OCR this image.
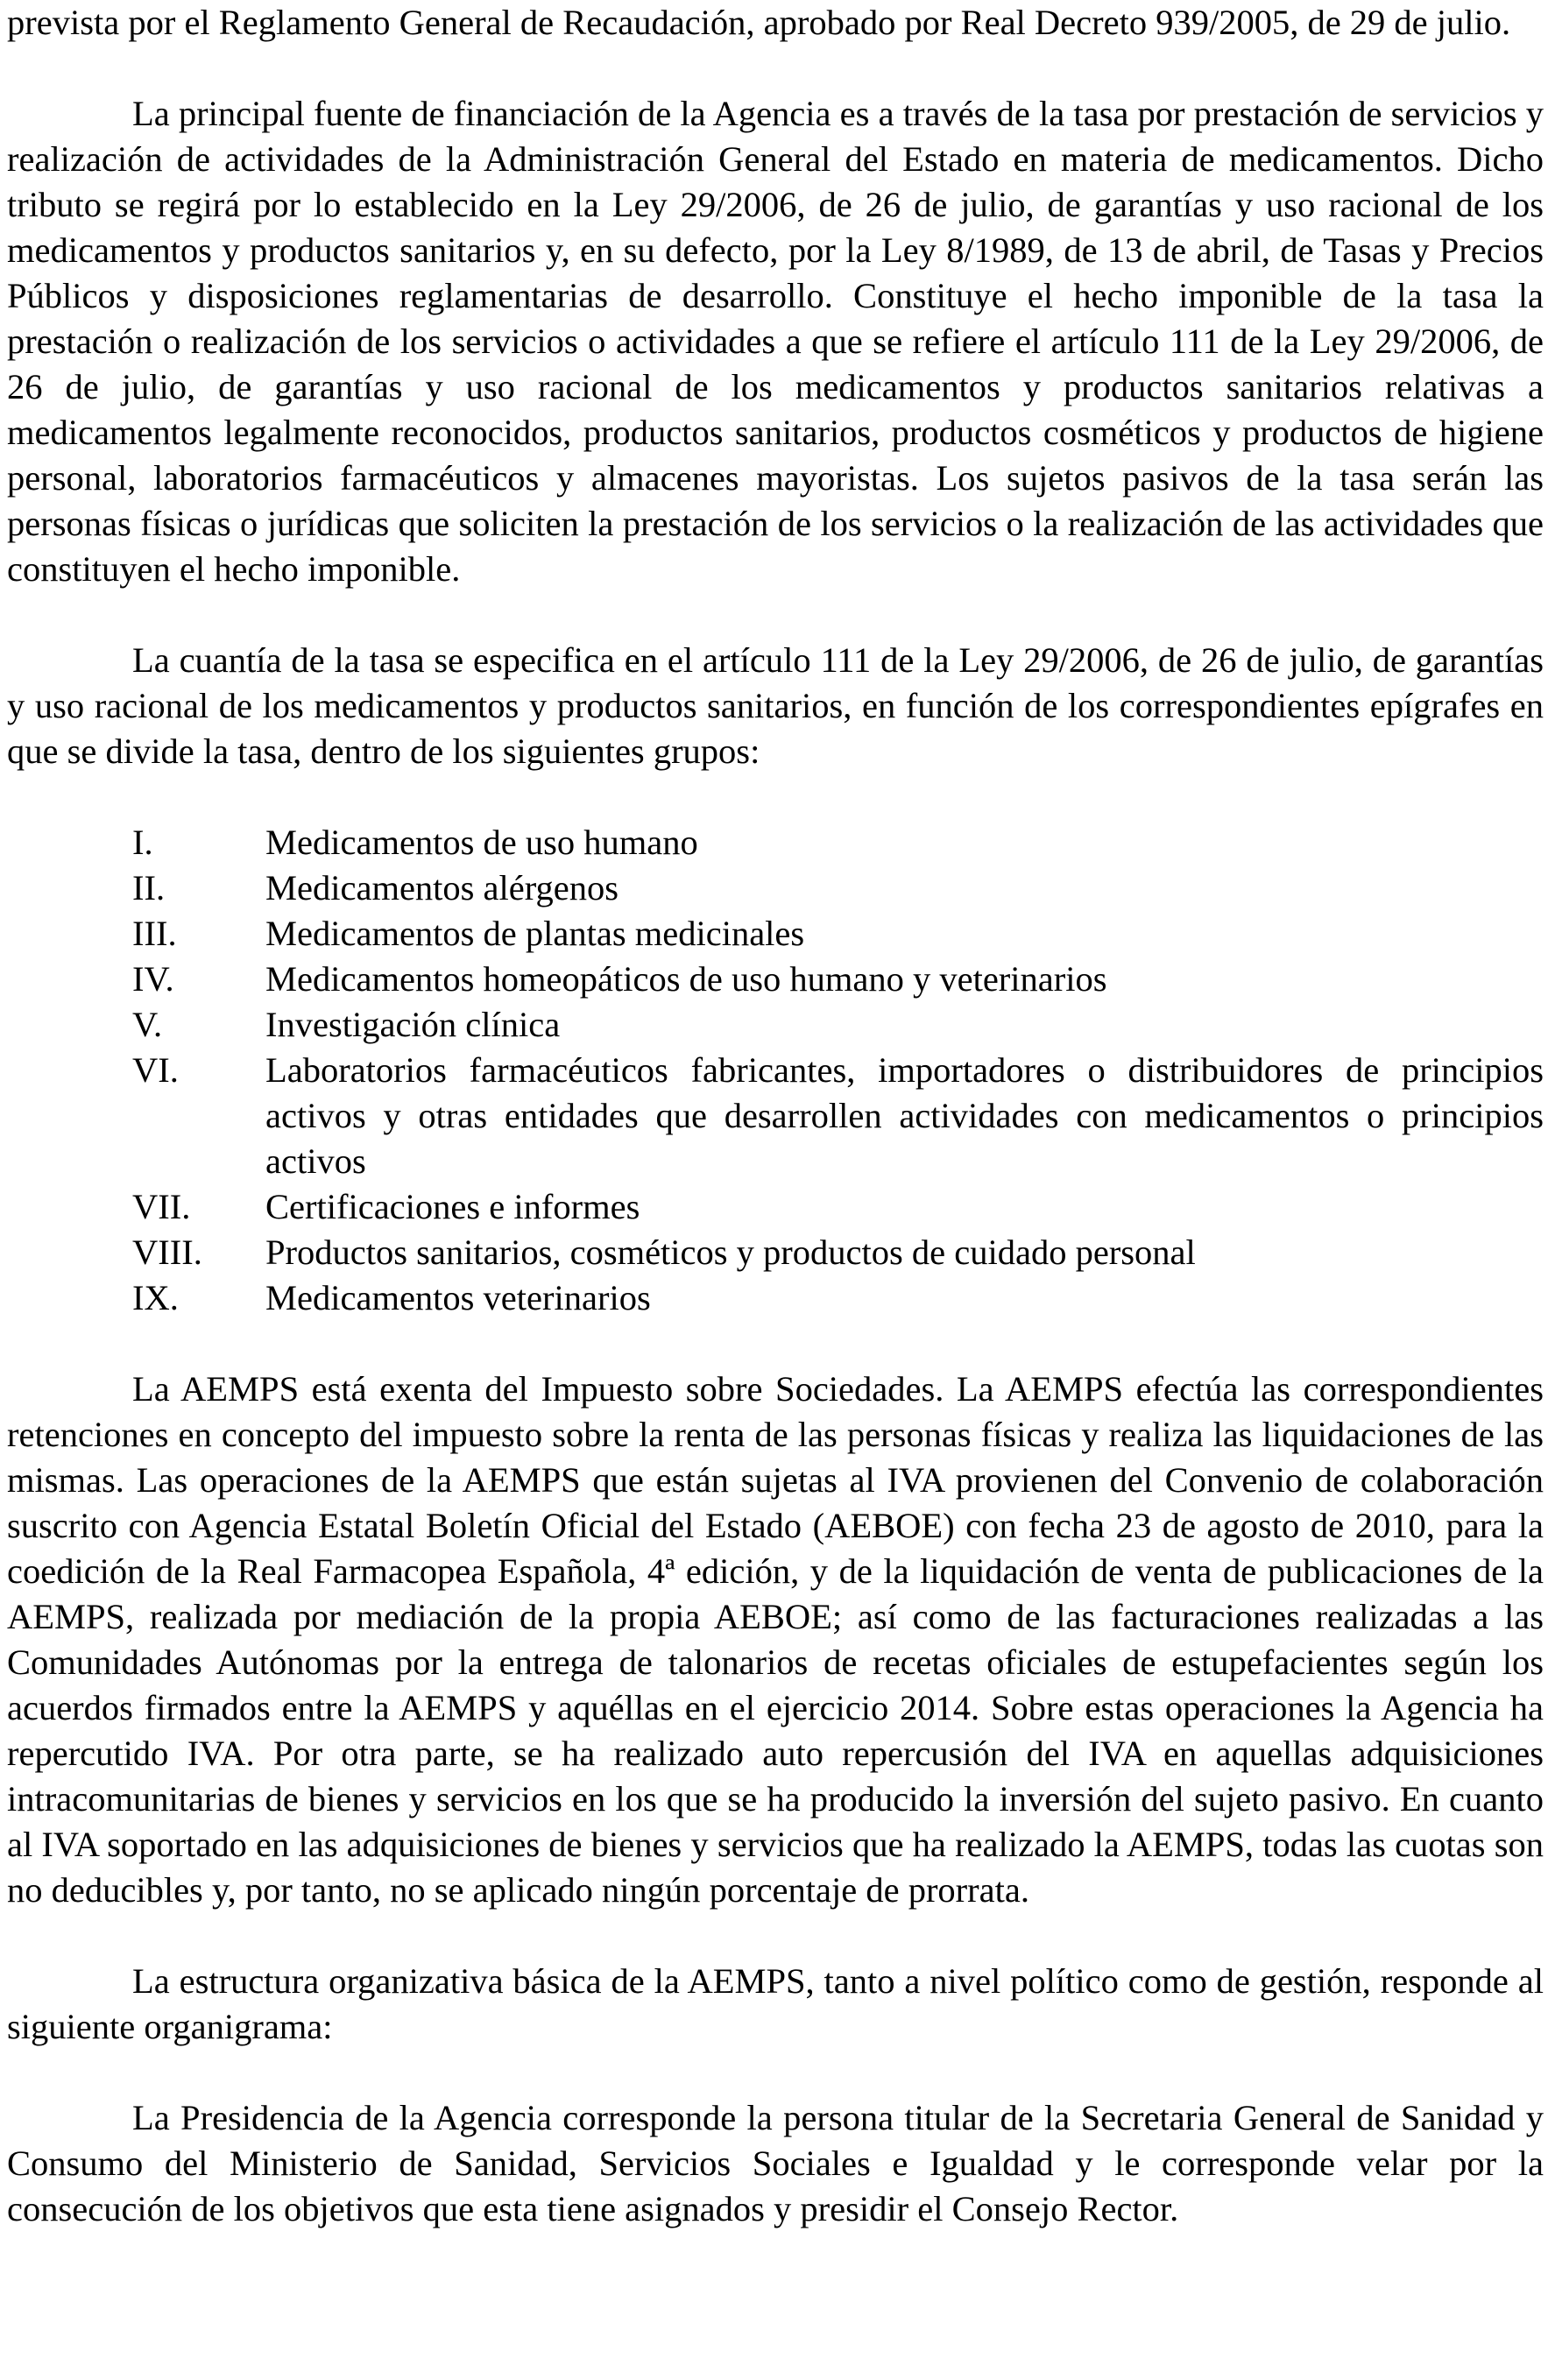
prevista por el Reglamento General de Recaudación, aprobado por Real Decreto 939/2005, de 29 de julio.

La principal fuente de financiación de la Agencia es a través de la tasa por prestación de servicios y realización de actividades de la Administración General del Estado en materia de medicamentos. Dicho tributo se regirá por lo establecido en la Ley 29/2006, de 26 de julio, de garantías y uso racional de los medicamentos y productos sanitarios y, en su defecto, por la Ley 8/1989, de 13 de abril, de Tasas y Precios Públicos y disposiciones reglamentarias de desarrollo. Constituye el hecho imponible de la tasa la prestación o realización de los servicios o actividades a que se refiere el artículo 111 de la Ley 29/2006, de 26 de julio, de garantías y uso racional de los medicamentos y productos sanitarios relativas a medicamentos legalmente reconocidos, productos sanitarios, productos cosméticos y productos de higiene personal, laboratorios farmacéuticos y almacenes mayoristas. Los sujetos pasivos de la tasa serán las personas físicas o jurídicas que soliciten la prestación de los servicios o la realización de las actividades que constituyen el hecho imponible.

La cuantía de la tasa se especifica en el artículo 111 de la Ley 29/2006, de 26 de julio, de garantías y uso racional de los medicamentos y productos sanitarios, en función de los correspondientes epígrafes en que se divide la tasa, dentro de los siguientes grupos:

I.	Medicamentos de uso humano
II.	Medicamentos alérgenos
III.	Medicamentos de plantas medicinales
IV.	Medicamentos homeopáticos de uso humano y veterinarios
V.	Investigación clínica
VI.	Laboratorios farmacéuticos fabricantes, importadores o distribuidores de principios activos y otras entidades que desarrollen actividades con medicamentos o principios activos
VII.	Certificaciones e informes
VIII.	Productos sanitarios, cosméticos y productos de cuidado personal
IX.	Medicamentos veterinarios

La AEMPS está exenta del Impuesto sobre Sociedades. La AEMPS efectúa las correspondientes retenciones en concepto del impuesto sobre la renta de las personas físicas y realiza las liquidaciones de las mismas. Las operaciones de la AEMPS que están sujetas al IVA provienen del Convenio de colaboración suscrito con Agencia Estatal Boletín Oficial del Estado (AEBOE) con fecha 23 de agosto de 2010, para la coedición de la Real Farmacopea Española, 4ª edición, y de la liquidación de venta de publicaciones de la AEMPS, realizada por mediación de la propia AEBOE; así como de las facturaciones realizadas a las Comunidades Autónomas por la entrega de talonarios de recetas oficiales de estupefacientes según los acuerdos firmados entre la AEMPS y aquéllas en el ejercicio 2014. Sobre estas operaciones la Agencia ha repercutido IVA. Por otra parte, se ha realizado auto repercusión del IVA en aquellas adquisiciones intracomunitarias de bienes y servicios en los que se ha producido la inversión del sujeto pasivo. En cuanto al IVA soportado en las adquisiciones de bienes y servicios que ha realizado la AEMPS, todas las cuotas son no deducibles y, por tanto, no se aplicado ningún porcentaje de prorrata.

La estructura organizativa básica de la AEMPS, tanto a nivel político como de gestión, responde al siguiente organigrama:

La Presidencia de la Agencia corresponde la persona titular de la Secretaria General de Sanidad y Consumo del Ministerio de Sanidad, Servicios Sociales e Igualdad y le corresponde velar por la consecución de los objetivos que esta tiene asignados y presidir el Consejo Rector.
